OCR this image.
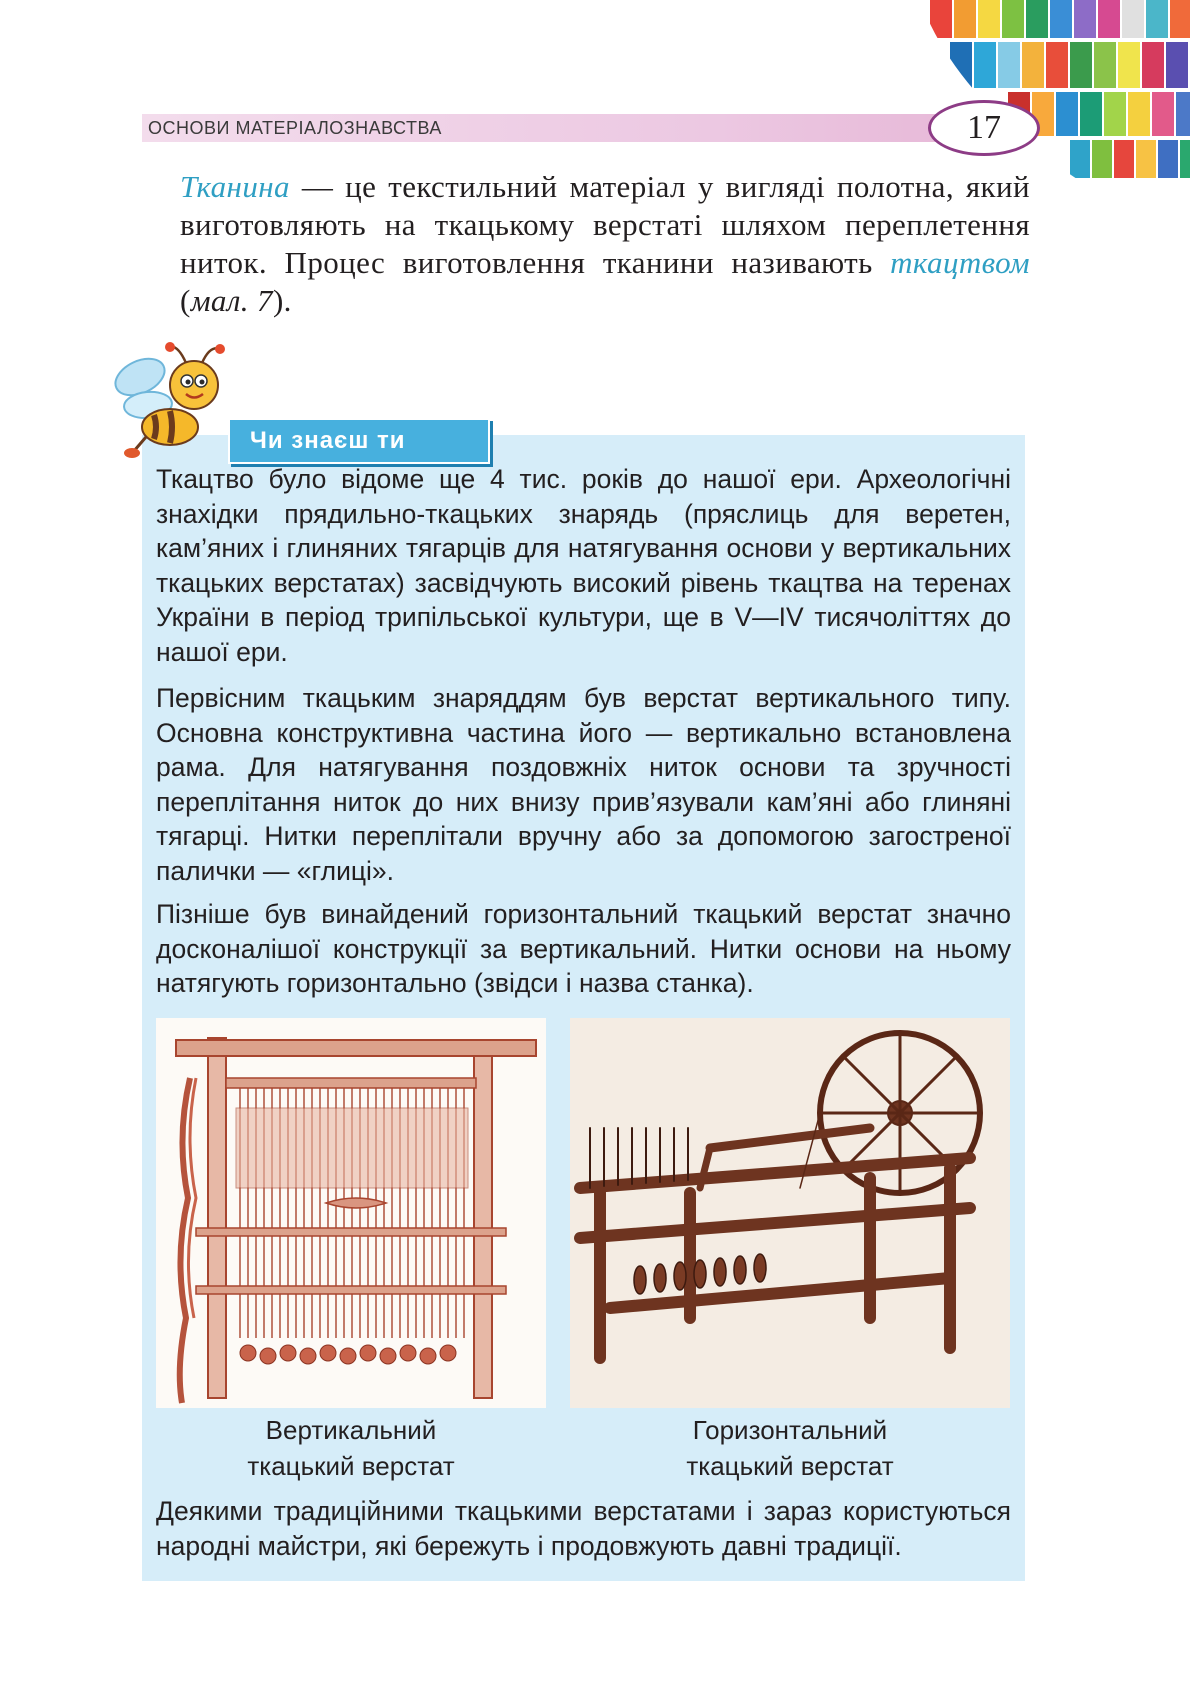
ОСНОВИ МАТЕРІАЛОЗНАВСТВА	17

Тканина — це текстильний матеріал у вигляді полотна, який виготовляють на ткацькому верстаті шляхом переплетення ниток. Процес виготовлення тканини називають ткацтвом (мал. 7).

Чи знаєш ти

Ткацтво було відоме ще 4 тис. років до нашої ери. Археологічні знахідки прядильно-ткацьких знарядь (пряслиць для веретен, кам’яних і глиняних тягарців для натягування основи у вертикальних ткацьких верстатах) засвідчують високий рівень ткацтва на теренах України в період трипільської культури, ще в V—IV тисячоліттях до нашої ери.

Первісним ткацьким знаряддям був верстат вертикального типу. Основна конструктивна частина його — вертикально встановлена рама. Для натягування поздовжніх ниток основи та зручності переплітання ниток до них внизу прив’язували кам’яні або глиняні тягарці. Нитки переплітали вручну або за допомогою загостреної палички — «глиці».

Пізніше був винайдений горизонтальний ткацький верстат значно досконалішої конструкції за вертикальний. Нитки основи на ньому натягують горизонтально (звідси і назва станка).

Вертикальний
ткацький верстат
Горизонтальний
ткацький верстат

Деякими традиційними ткацькими верстатами і зараз користуються народні майстри, які бережуть і продовжують давні традиції.
